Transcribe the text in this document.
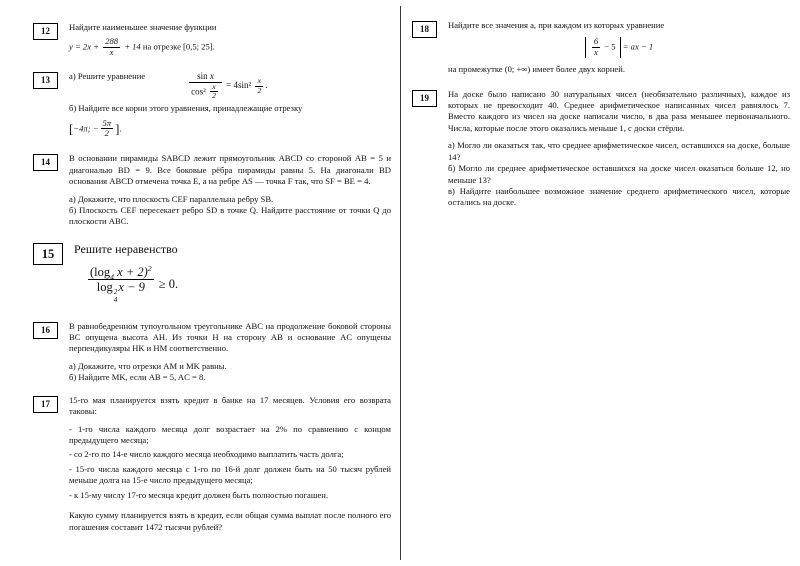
12	Найдите наименьшее значение функции
$y = 2x + \frac{288}{x} + 14$ на отрезке [0,5; 25].
13	а) Решите уравнение	$\frac{\text{sin x}}{\cos^2 \frac{x}{2}} = 4\sin^2 \frac{x}{2}$ .
б) Найдите все корни этого уравнения, принадлежащие отрезку
[−4π; − $\frac{5\pi}{2}$ ].
14	В основании пирамиды SABCD лежит прямоугольник ABCD со стороной AB = 5 и диагональю BD = 9. Все боковые рёбра пирамиды равны 5. На диагонали BD основания ABCD отмечена точка E, а на ребре AS — точка F так, что SF = BE = 4.
а) Докажите, что плоскость CEF параллельна ребру SB.
б) Плоскость CEF пересекает ребро SD в точке Q. Найдите расстояние от точки Q до плоскости ABC.
15	Решите неравенство
($\log_4$ x + 2)$^2$
log 2
4
x − 9 ≥ 0.
16	В равнобедренном тупоугольном треугольнике ABC на продолжение боковой стороны BC опущена высота AH. Из точки H на сторону AB и основание AC опущены перпендикуляры HK и HM соответственно.
а) Докажите, что отрезки AM и MK равны.
б) Найдите MK, если AB = 5, AC = 8.
17	15-го мая планируется взять кредит в банке на 17 месяцев. Условия его возврата таковы:
- 1-го числа каждого месяца долг возрастает на 2% по сравнению с концом предыдущего месяца;
- со 2-го по 14-е число каждого месяца необходимо выплатить часть долга;
- 15-го числа каждого месяца с 1-го по 16-й долг должен быть на 50 тысяч рублей меньше долга на 15-е число предыдущего месяца;
- к 15-му числу 17-го месяца кредит должен быть полностью погашен.
Какую сумму планируется взять в кредит, если общая сумма выплат после полного его погашения составит 1472 тысячи рублей?
18	Найдите все значения a, при каждом из которых уравнение
$\frac{6}{x} - 5$ = ax − 1
на промежутке (0; +∞) имеет более двух корней.
19	На доске было написано 30 натуральных чисел (необязательно различных), каждое из которых не превосходит 40. Среднее арифметическое написанных чисел равнялось 7. Вместо каждого из чисел на доске написали число, в два раза меньшее первоначального. Числа, которые после этого оказались меньше 1, с доски стёрли.
а) Могло ли оказаться так, что среднее арифметическое чисел, оставшихся на доске, больше 14?
б) Могло ли среднее арифметическое оставшихся на доске чисел оказаться больше 12, но меньше 13?
в) Найдите наибольшее возможное значение среднего арифметического чисел, которые остались на доске.
